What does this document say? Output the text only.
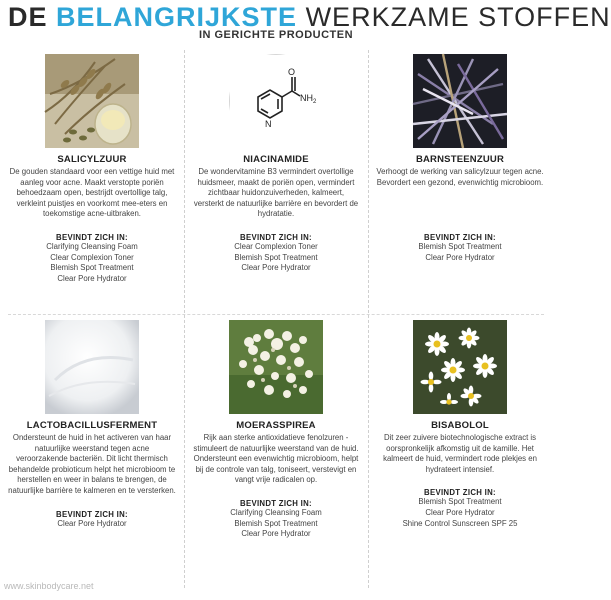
DE BELANGRIJKSTE WERKZAME STOFFEN
IN GERICHTE PRODUCTEN
SALICYLZUUR
De gouden standaard voor een vettige huid met aanleg voor acne. Maakt verstopte poriën behoedzaam open, bestrijdt overtollige talg, verkleint puistjes en voorkomt mee-eters en toekomstige acne-uitbraken.
BEVINDT ZICH IN:
Clarifying Cleansing Foam
Clear Complexion Toner
Blemish Spot Treatment
Clear Pore Hydrator
O
N
NH 2
NIACINAMIDE
De wondervitamine B3 vermindert overtollige huidsmeer, maakt de poriën open, vermindert zichtbaar huidonzuiverheden, kalmeert, versterkt de natuurlijke barrière en bevordert de hydratatie.
BEVINDT ZICH IN:
Clear Complexion Toner
Blemish Spot Treatment
Clear Pore Hydrator
BARNSTEENZUUR
Verhoogt de werking van salicylzuur tegen acne. Bevordert een gezond, evenwichtig microbioom.
BEVINDT ZICH IN:
Blemish Spot Treatment
Clear Pore Hydrator
LACTOBACILLUSFERMENT
Ondersteunt de huid in het activeren van haar natuurlijke weerstand tegen acne veroorzakende bacteriën. Dit licht thermisch behandelde probioticum helpt het microbioom te herstellen en weer in balans te brengen, de natuurlijke barrière te kalmeren en te versterken.
BEVINDT ZICH IN:
Clear Pore Hydrator
MOERASSPIREA
Rijk aan sterke antioxidatieve fenolzuren - stimuleert de natuurlijke weerstand van de huid. Ondersteunt een evenwichtig microbioom, helpt bij de controle van talg, toniseert, verstevigt en vangt vrije radicalen op.
BEVINDT ZICH IN:
Clarifying Cleansing Foam
Blemish Spot Treatment
Clear Pore Hydrator
BISABOLOL
Dit zeer zuivere biotechnologische extract is oorspronkelijk afkomstig uit de kamille. Het kalmeert de huid, vermindert rode plekjes en hydrateert intensief.
BEVINDT ZICH IN:
Blemish Spot Treatment
Clear Pore Hydrator
Shine Control Sunscreen SPF 25
www.skinbodycare.net
